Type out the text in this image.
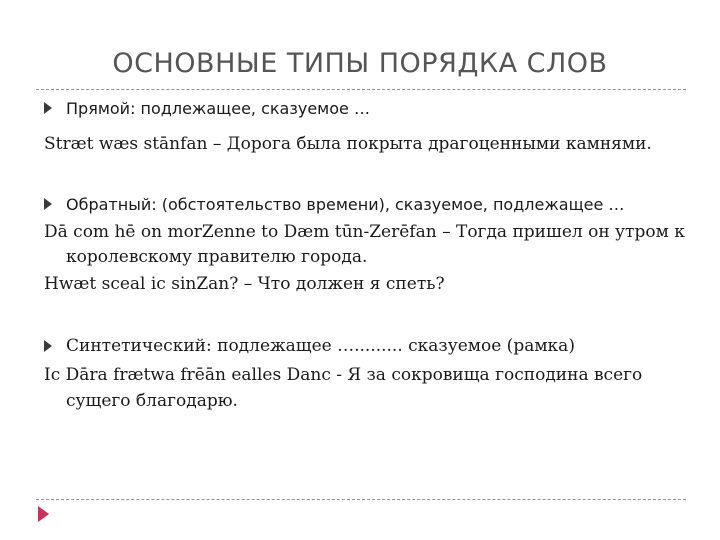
ОСНОВНЫЕ ТИПЫ ПОРЯДКА СЛОВ
Прямой: подлежащее, сказуемое …
Stræt wæs stānfan – Дорога была покрыта драгоценными камнями.
Обратный: (обстоятельство времени), сказуемое, подлежащее …
Dā com hē on morZenne to Dæm tūn-Zerēfan – Тогда пришел он утром к
королевскому правителю города.
Hwæt sceal ic sinZan? – Что должен я спеть?
Синтетический: подлежащее …......... сказуемое (рамка)
Ic Dāra frætwa frēān ealles Danc - Я за сокровища господина всего
сущего благодарю.
